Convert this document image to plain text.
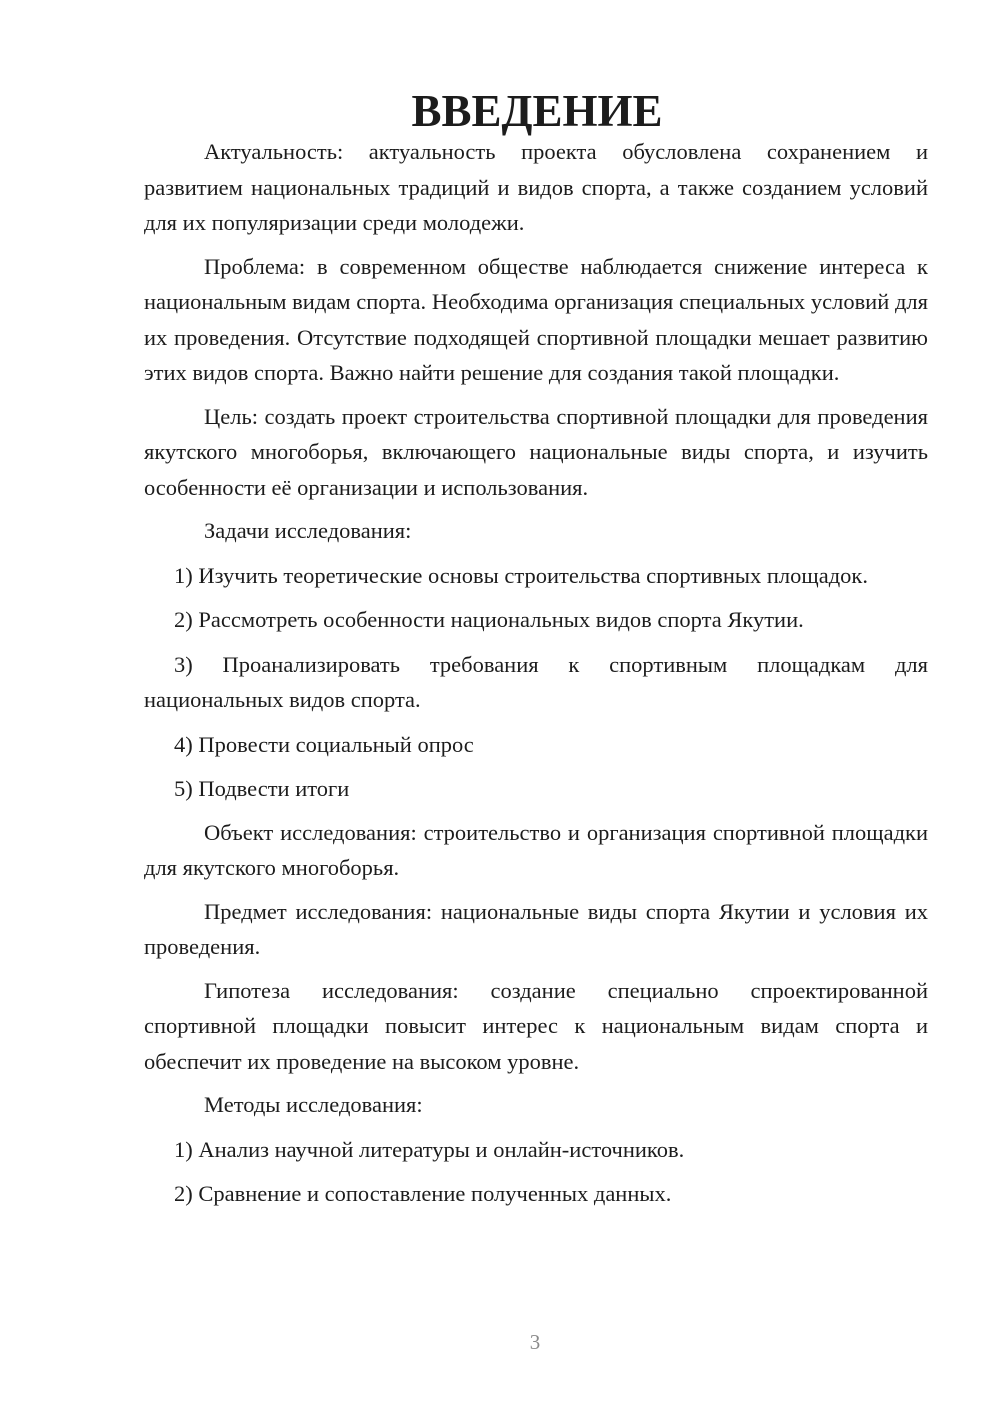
ВВЕДЕНИЕ

Актуальность: актуальность проекта обусловлена сохранением и развитием национальных традиций и видов спорта, а также созданием условий для их популяризации среди молодежи.

Проблема: в современном обществе наблюдается снижение интереса к национальным видам спорта. Необходима организация специальных условий для их проведения. Отсутствие подходящей спортивной площадки мешает развитию этих видов спорта. Важно найти решение для создания такой площадки.

Цель: создать проект строительства спортивной площадки для проведения якутского многоборья, включающего национальные виды спорта, и изучить особенности её организации и использования.

Задачи исследования:

1) Изучить теоретические основы строительства спортивных площадок.

2) Рассмотреть особенности национальных видов спорта Якутии.

3) Проанализировать требования к спортивным площадкам для национальных видов спорта.

4) Провести социальный опрос

5) Подвести итоги

Объект исследования: строительство и организация спортивной площадки для якутского многоборья.

Предмет исследования: национальные виды спорта Якутии и условия их проведения.

Гипотеза исследования: создание специально спроектированной спортивной площадки повысит интерес к национальным видам спорта и обеспечит их проведение на высоком уровне.

Методы исследования:

1) Анализ научной литературы и онлайн-источников.

2) Сравнение и сопоставление полученных данных.

3
